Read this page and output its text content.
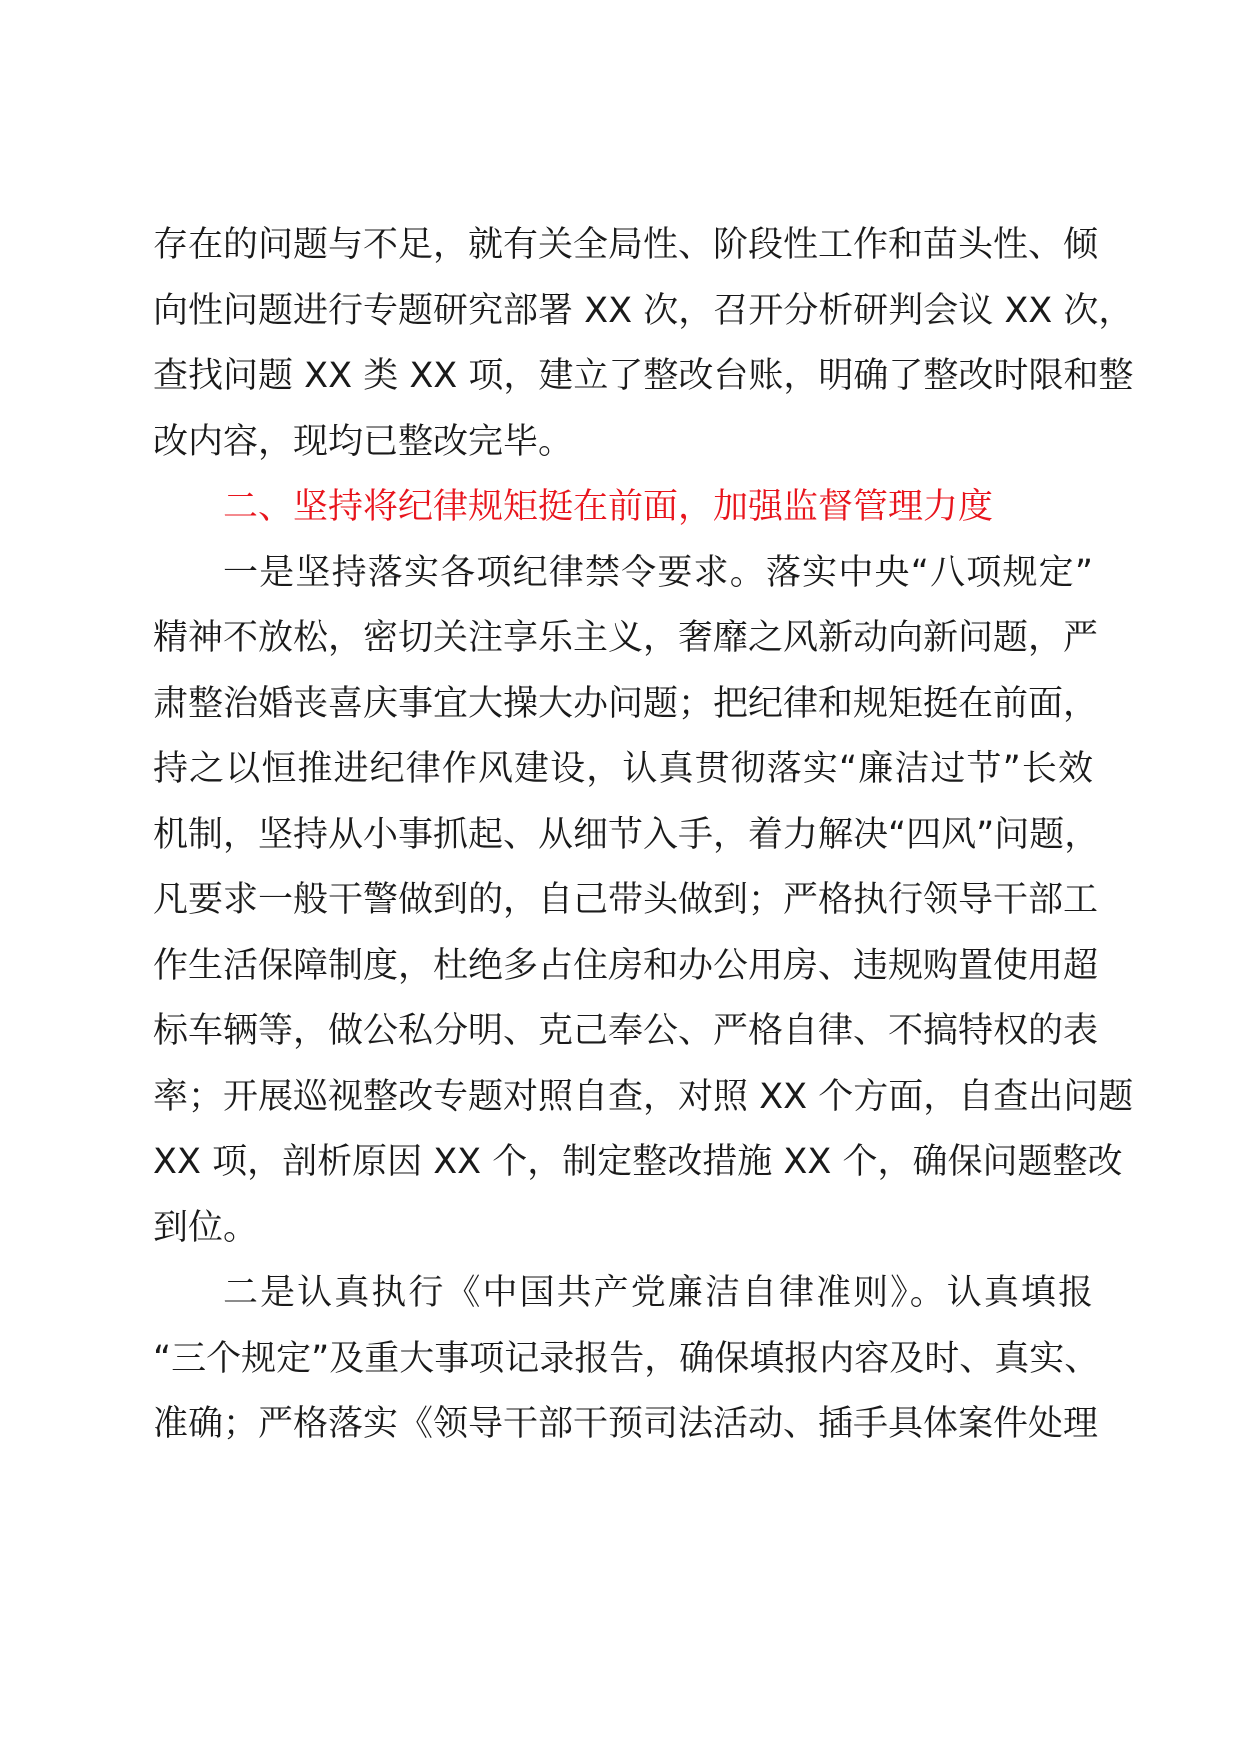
存在的问题与不足，就有关全局性、阶段性工作和苗头性、倾
向性问题进行专题研究部署 XX 次，召开分析研判会议 XX 次，
查找问题 XX 类 XX 项，建立了整改台账，明确了整改时限和整
改内容，现均已整改完毕。
二、坚持将纪律规矩挺在前面，加强监督管理力度
一是坚持落实各项纪律禁令要求。落实中央“八项规定”
精神不放松，密切关注享乐主义，奢靡之风新动向新问题，严
肃整治婚丧喜庆事宜大操大办问题；把纪律和规矩挺在前面，
持之以恒推进纪律作风建设，认真贯彻落实“廉洁过节”长效
机制，坚持从小事抓起、从细节入手，着力解决“四风”问题，
凡要求一般干警做到的，自己带头做到；严格执行领导干部工
作生活保障制度，杜绝多占住房和办公用房、违规购置使用超
标车辆等，做公私分明、克己奉公、严格自律、不搞特权的表
率；开展巡视整改专题对照自查，对照 XX 个方面，自查出问题
XX 项，剖析原因 XX 个，制定整改措施 XX 个，确保问题整改
到位。
二是认真执行《中国共产党廉洁自律准则》。认真填报
“三个规定”及重大事项记录报告，确保填报内容及时、真实、
准确；严格落实《领导干部干预司法活动、插手具体案件处理
